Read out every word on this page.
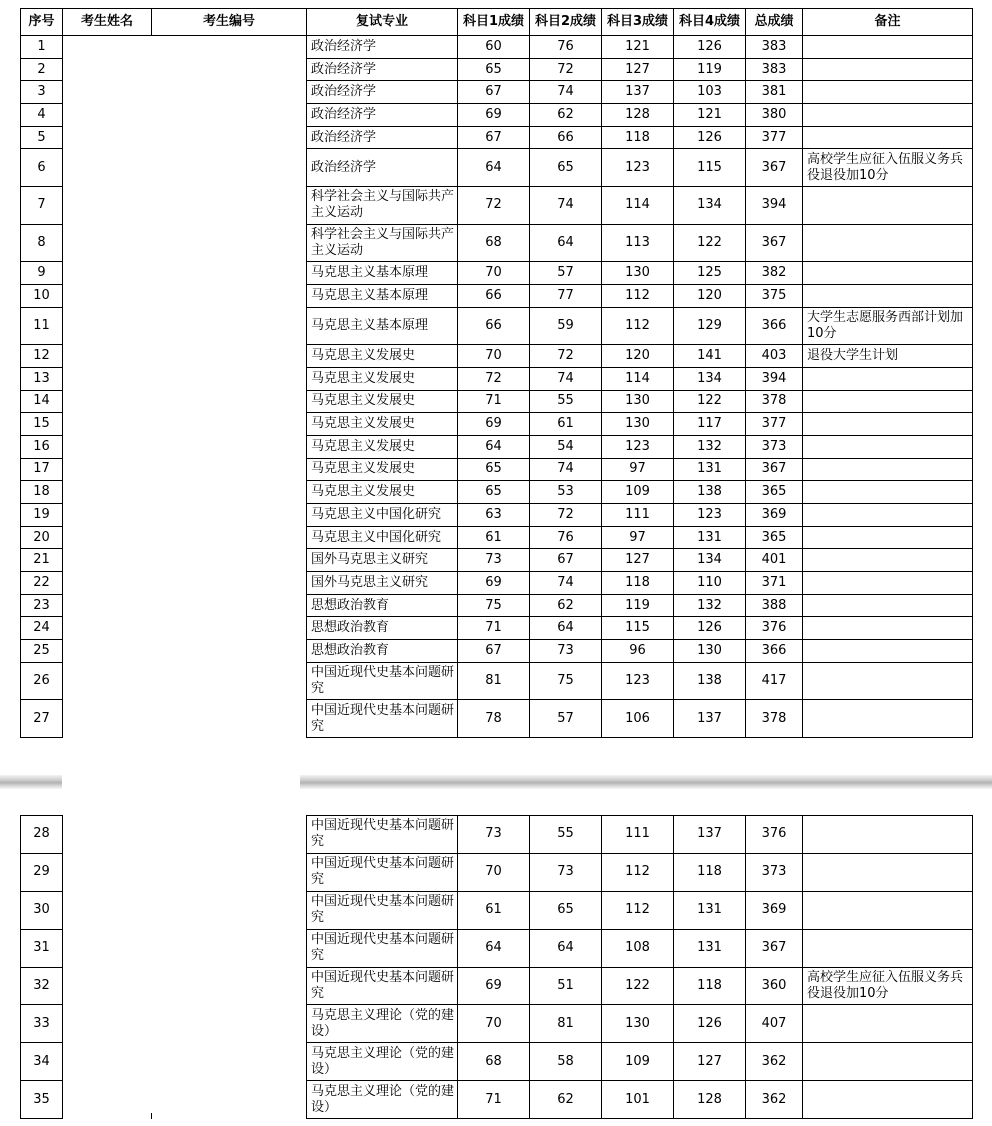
序号	考生姓名	考生编号	复试专业	科目1成绩	科目2成绩	科目3成绩	科目4成绩	总成绩	备注
1			政治经济学	60	76	121	126	383	
2			政治经济学	65	72	127	119	383	
3			政治经济学	67	74	137	103	381	
4			政治经济学	69	62	128	121	380	
5			政治经济学	67	66	118	126	377	
6			政治经济学	64	65	123	115	367	高校学生应征入伍服义务兵役退役加10分
7			科学社会主义与国际共产主义运动	72	74	114	134	394	
8			科学社会主义与国际共产主义运动	68	64	113	122	367	
9			马克思主义基本原理	70	57	130	125	382	
10			马克思主义基本原理	66	77	112	120	375	
11			马克思主义基本原理	66	59	112	129	366	大学生志愿服务西部计划加10分
12			马克思主义发展史	70	72	120	141	403	退役大学生计划
13			马克思主义发展史	72	74	114	134	394	
14			马克思主义发展史	71	55	130	122	378	
15			马克思主义发展史	69	61	130	117	377	
16			马克思主义发展史	64	54	123	132	373	
17			马克思主义发展史	65	74	97	131	367	
18			马克思主义发展史	65	53	109	138	365	
19			马克思主义中国化研究	63	72	111	123	369	
20			马克思主义中国化研究	61	76	97	131	365	
21			国外马克思主义研究	73	67	127	134	401	
22			国外马克思主义研究	69	74	118	110	371	
23			思想政治教育	75	62	119	132	388	
24			思想政治教育	71	64	115	126	376	
25			思想政治教育	67	73	96	130	366	
26			中国近现代史基本问题研究	81	75	123	138	417	
27			中国近现代史基本问题研究	78	57	106	137	378	
28			中国近现代史基本问题研究	73	55	111	137	376	
29			中国近现代史基本问题研究	70	73	112	118	373	
30			中国近现代史基本问题研究	61	65	112	131	369	
31			中国近现代史基本问题研究	64	64	108	131	367	
32			中国近现代史基本问题研究	69	51	122	118	360	高校学生应征入伍服义务兵役退役加10分
33			马克思主义理论（党的建设）	70	81	130	126	407	
34			马克思主义理论（党的建设）	68	58	109	127	362	
35			马克思主义理论（党的建设）	71	62	101	128	362	
